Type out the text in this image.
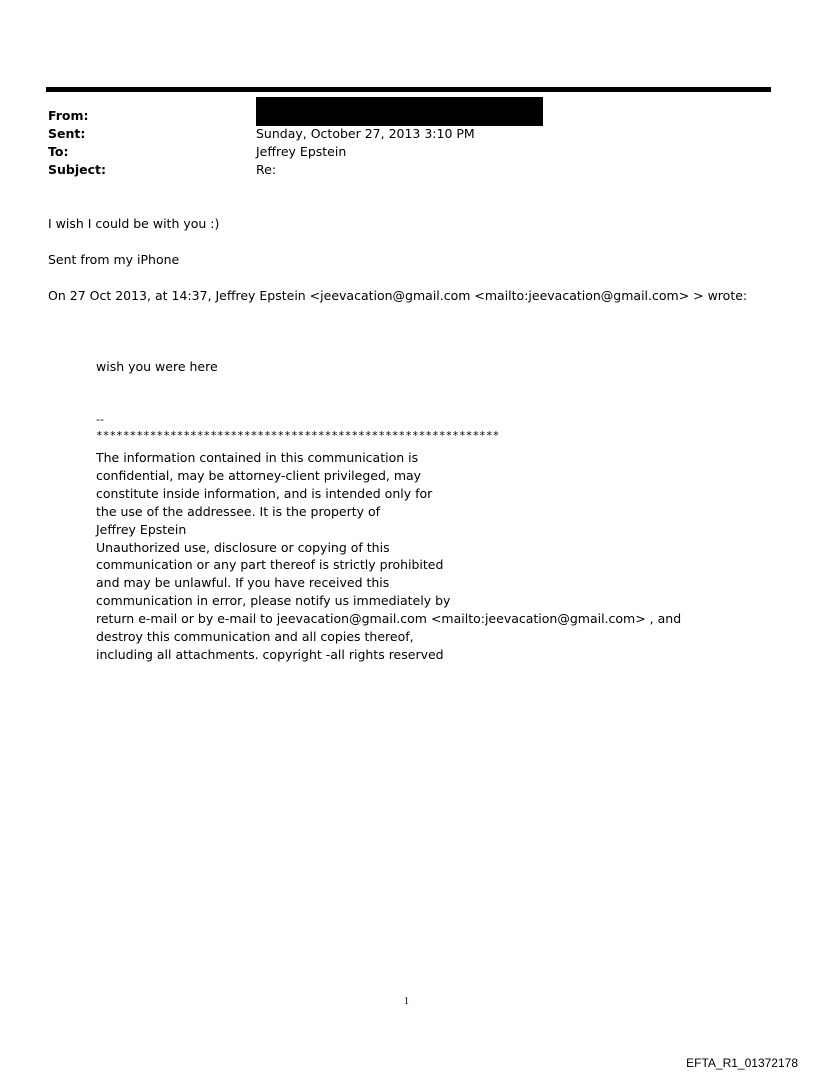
From:
Sent:	Sunday, October 27, 2013 3:10 PM
To:	Jeffrey Epstein
Subject:	Re:
I wish I could be with you :)
Sent from my iPhone
On 27 Oct 2013, at 14:37, Jeffrey Epstein <jeevacation@gmail.com <mailto:jeevacation@gmail.com> > wrote:
wish you were here
--
************************************************************
The information contained in this communication is
confidential, may be attorney-client privileged, may
constitute inside information, and is intended only for
the use of the addressee. It is the property of
Jeffrey Epstein
Unauthorized use, disclosure or copying of this
communication or any part thereof is strictly prohibited
and may be unlawful. If you have received this
communication in error, please notify us immediately by
return e-mail or by e-mail to jeevacation@gmail.com <mailto:jeevacation@gmail.com> , and
destroy this communication and all copies thereof,
including all attachments. copyright -all rights reserved
1
EFTA_R1_01372178
